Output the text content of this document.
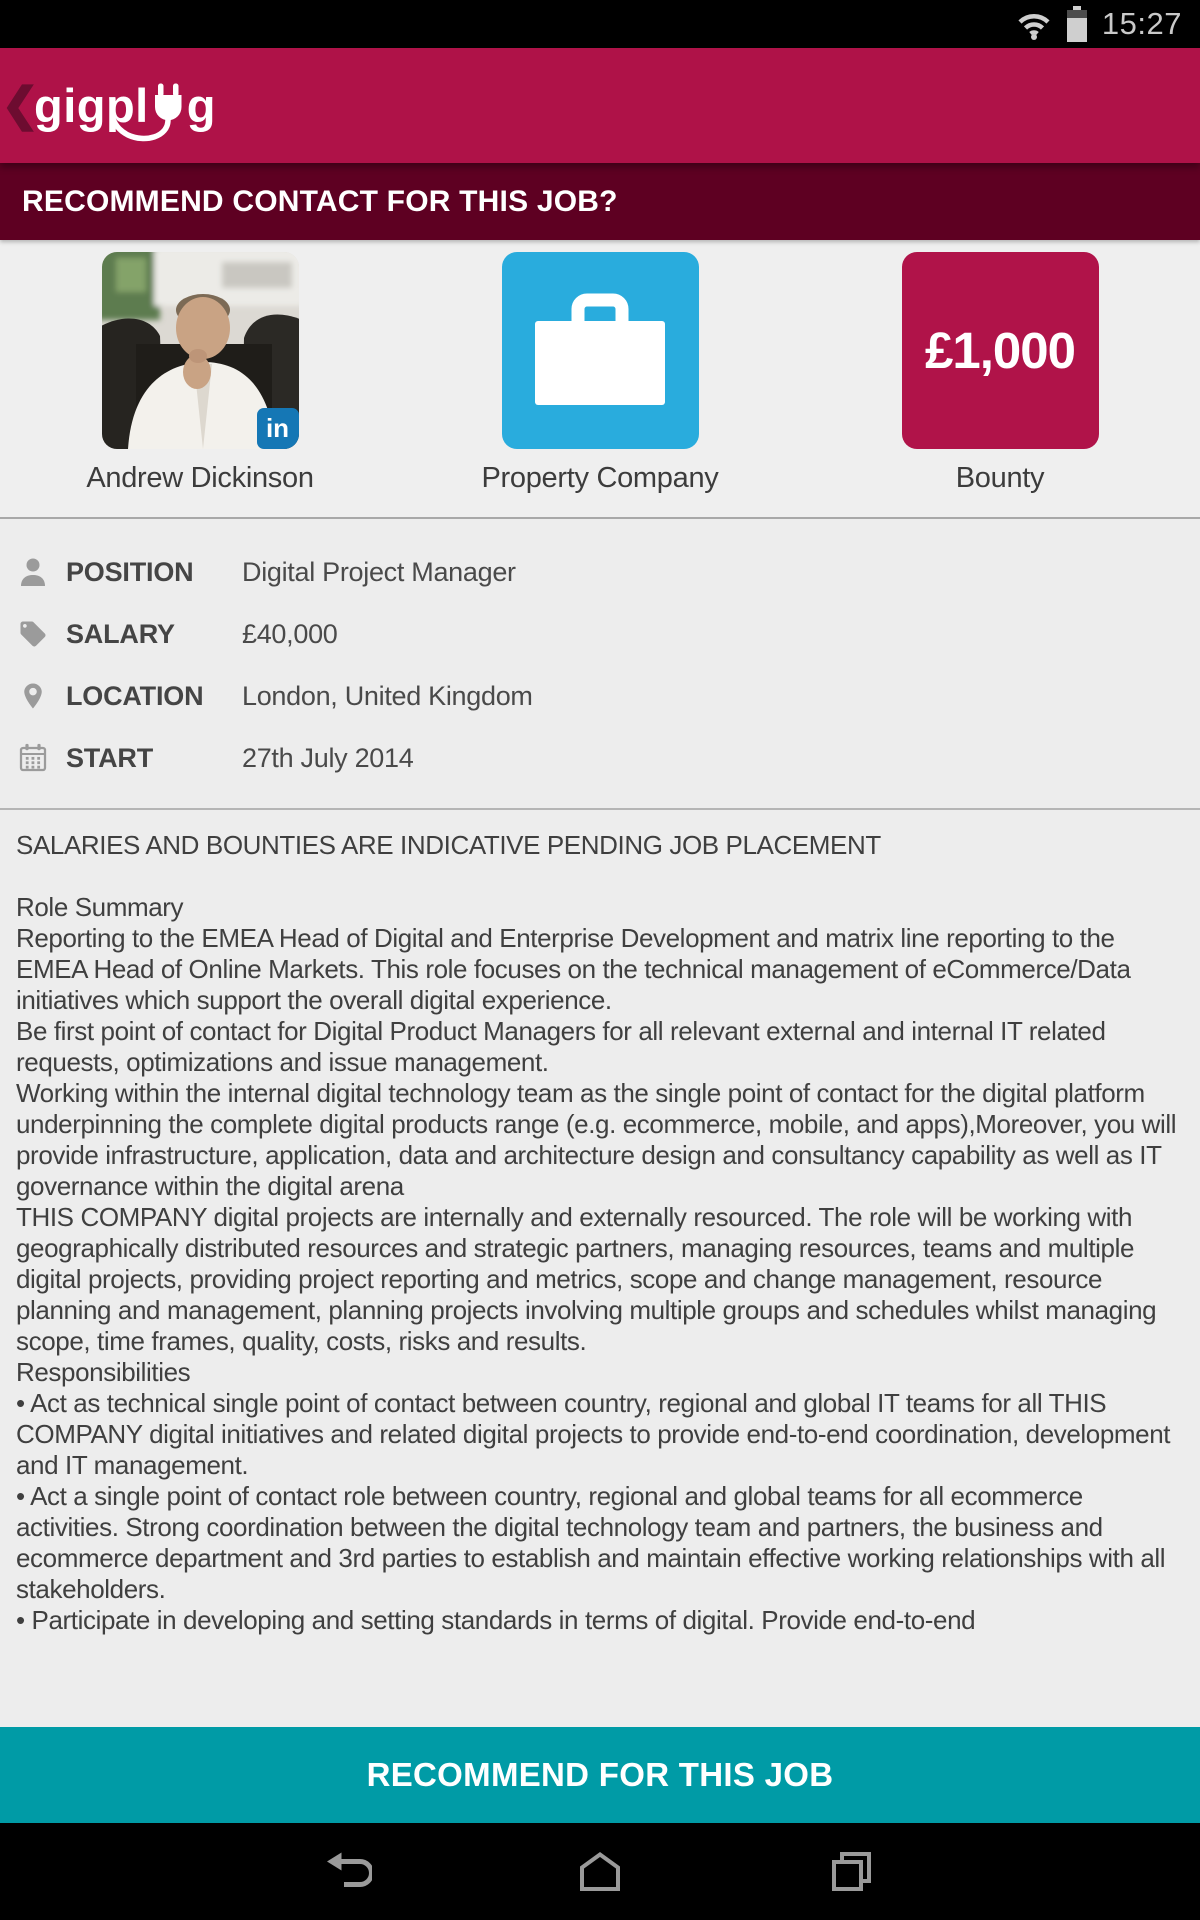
15:27
❮
gigpl g
RECOMMEND CONTACT FOR THIS JOB?
in
Andrew Dickinson	Property Company
£1,000
Bounty
POSITION	Digital Project Manager
SALARY	£40,000
LOCATION	London, United Kingdom
START	27th July 2014

SALARIES AND BOUNTIES ARE INDICATIVE PENDING JOB PLACEMENT

Role Summary

Reporting to the EMEA Head of Digital and Enterprise Development and matrix line reporting to the EMEA Head of Online Markets. This role focuses on the technical management of eCommerce/Data initiatives which support the overall digital experience.

Be first point of contact for Digital Product Managers for all relevant external and internal IT related requests, optimizations and issue management.

Working within the internal digital technology team as the single point of contact for the digital platform underpinning the complete digital products range (e.g. ecommerce, mobile, and apps),Moreover, you will provide infrastructure, application, data and architecture design and consultancy capability as well as IT governance within the digital arena

THIS COMPANY digital projects are internally and externally resourced. The role will be working with geographically distributed resources and strategic partners, managing resources, teams and multiple digital projects, providing project reporting and metrics, scope and change management, resource planning and management, planning projects involving multiple groups and schedules whilst managing scope, time frames, quality, costs, risks and results.

Responsibilities

• Act as technical single point of contact between country, regional and global IT teams for all THIS COMPANY digital initiatives and related digital projects to provide end-to-end coordination, development and IT management.

• Act a single point of contact role between country, regional and global teams for all ecommerce activities. Strong coordination between the digital technology team and partners, the business and ecommerce department and 3rd parties to establish and maintain effective working relationships with all stakeholders.

• Participate in developing and setting standards in terms of digital. Provide end-to-end

RECOMMEND FOR THIS JOB
